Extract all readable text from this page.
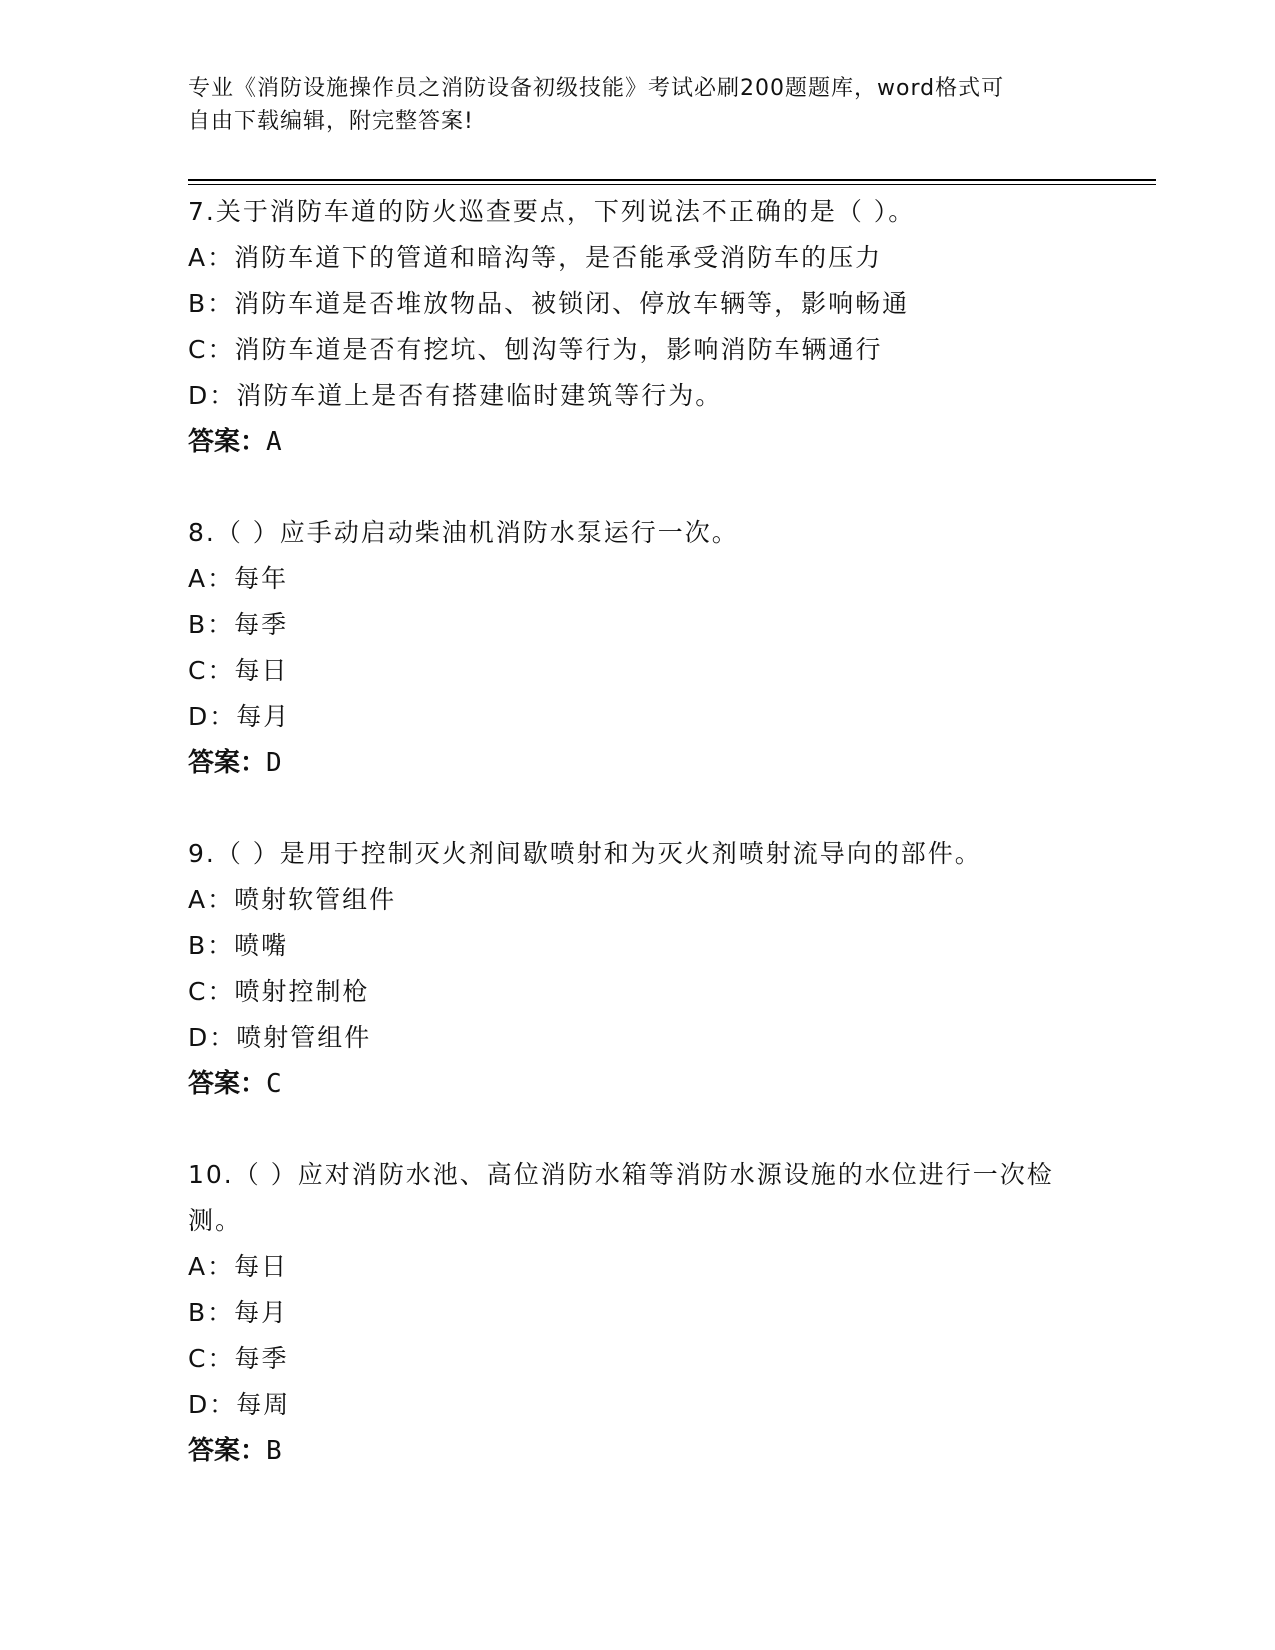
专业《消防设施操作员之消防设备初级技能》考试必刷200题题库，word格式可
自由下载编辑，附完整答案!

7.关于消防车道的防火巡查要点，下列说法不正确的是（ ）。

A：消防车道下的管道和暗沟等，是否能承受消防车的压力

B：消防车道是否堆放物品、被锁闭、停放车辆等，影响畅通

C：消防车道是否有挖坑、刨沟等行为，影响消防车辆通行

D：消防车道上是否有搭建临时建筑等行为。

答案：A

8.（ ）应手动启动柴油机消防水泵运行一次。

A：每年

B：每季

C：每日

D：每月

答案：D

9.（ ）是用于控制灭火剂间歇喷射和为灭火剂喷射流导向的部件。

A：喷射软管组件

B：喷嘴

C：喷射控制枪

D：喷射管组件

答案：C

10.（ ）应对消防水池、高位消防水箱等消防水源设施的水位进行一次检测。

A：每日

B：每月

C：每季

D：每周

答案：B
